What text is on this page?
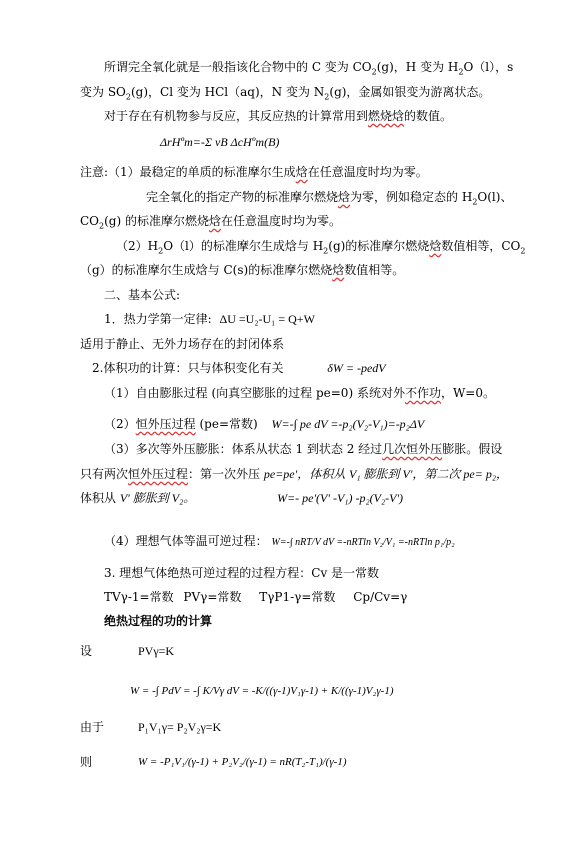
所谓完全氧化就是一般指该化合物中的 C 变为 $CO_2(g)$，H 变为 $H_2O(l)$，s
变为 $SO_2(g)$，Cl 变为 HCl（aq)，N 变为 $N_2(g)$，金属如银变为游离状态。
对于存在有机物参与反应，其反应热的计算常用到燃烧焓的数值。
ΔrHºm=-Σ νB ΔcHºm(B)
注意:（1）最稳定的单质的标准摩尔生成焓在任意温度时均为零。
完全氧化的指定产物的标准摩尔燃烧焓为零，例如稳定态的 $H_2O(l)$、
$CO_2(g)$ 的标准摩尔燃烧焓在任意温度时均为零。
$(2)H_2O(l)$的标准摩尔生成焓与 $H_2(g)$的标准摩尔燃烧焓数值相等，$CO_2$
（g）的标准摩尔生成焓与 C(s)的标准摩尔燃烧焓数值相等。
二、基本公式:
1．热力学第一定律: ΔU =U₂-U₁ = Q+W
适用于静止、无外力场存在的封闭体系
2.体积功的计算：只与体积变化有关	δW = -pedV
（1）自由膨胀过程 (向真空膨胀的过程 pe=0) 系统对外不作功，W=0。
（2）恒外压过程 (pe=常数) W=-∫ pe dV =-p₂(V₂-V₁)=-p₂ΔV
（3）多次等外压膨胀：体系从状态 1 到状态 2 经过几次恒外压膨胀。假设
只有两次恒外压过程：第一次外压 pe=pe'，体积从 V₁ 膨胀到 V'，第二次 pe= p₂，
体积从 V' 膨胀到 V₂。	W=- pe'(V' -V₁) -p₂(V₂-V')
（4）理想气体等温可逆过程： W=-∫ nRT/V dV =-nRTln V₂/V₁ =-nRTln p₁/p₂
3. 理想气体绝热可逆过程的过程方程：Cv 是一常数
TVγ-1=常数 PVγ=常数 TγP1-γ=常数 Cp/Cv=γ
绝热过程的功的计算
设	PVγ=K
W = -∫ PdV = -∫ K/Vγ dV = -K/((γ-1)V₁γ-1) + K/((γ-1)V₂γ-1)
由于	P₁V₁γ= P₂V₂γ=K
则	W = -P₁V₁/(γ-1) + P₂V₂/(γ-1) = nR(T₂-T₁)/(γ-1)
